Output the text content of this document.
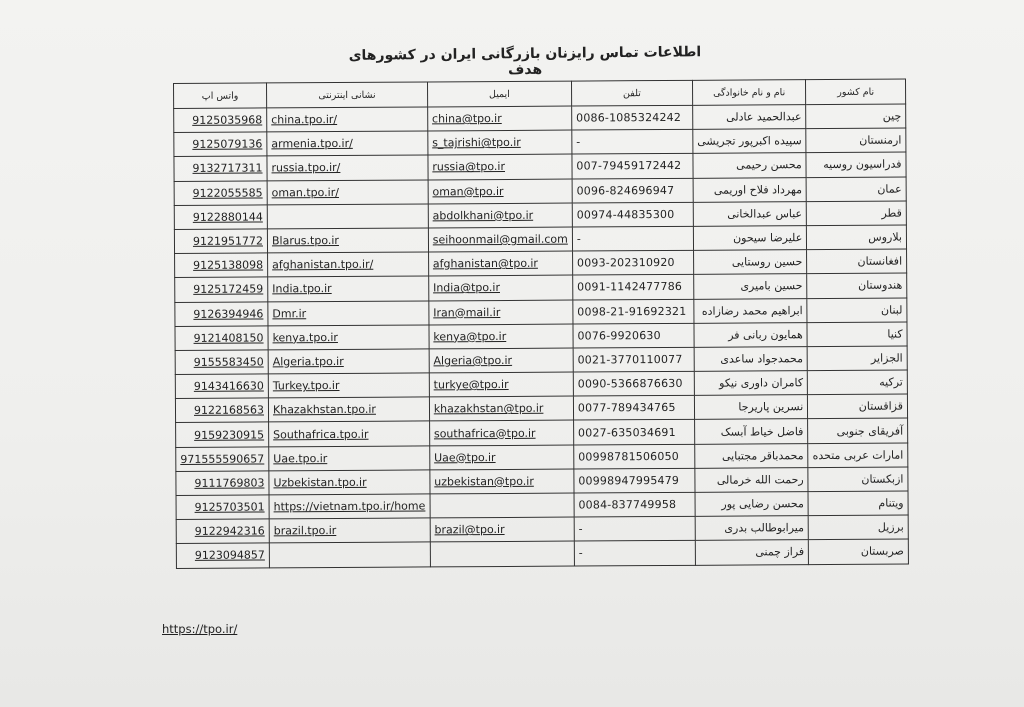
اطلاعات تماس رایزنان بازرگانی ایران در کشورهای هدف
واتس اپ	نشانی اینترنتی	ایمیل	تلفن	نام و نام خانوادگی	نام کشور
9125035968	china.tpo.ir/	china@tpo.ir	0086-1085324242	عبدالحمید عادلی	چین
9125079136	armenia.tpo.ir/	s_tajrishi@tpo.ir	-	سپیده اکبرپور تجریشی	ارمنستان
9132717311	russia.tpo.ir/	russia@tpo.ir	007-79459172442	محسن رحیمی	فدراسیون روسیه
9122055585	oman.tpo.ir/	oman@tpo.ir	0096-824696947	مهرداد فلاح اوریمی	عمان
9122880144		abdolkhani@tpo.ir	00974-44835300	عباس عبدالخانی	قطر
9121951772	Blarus.tpo.ir	seihoonmail@gmail.com	-	علیرضا سیحون	بلاروس
9125138098	afghanistan.tpo.ir/	afghanistan@tpo.ir	0093-202310920	حسین روستایی	افغانستان
9125172459	India.tpo.ir	India@tpo.ir	0091-1142477786	حسین بامیری	هندوستان
9126394946	Dmr.ir	Iran@mail.ir	0098-21-91692321	ابراهیم محمد رضازاده	لبنان
9121408150	kenya.tpo.ir	kenya@tpo.ir	0076-9920630	همایون ربانی فر	کنیا
9155583450	Algeria.tpo.ir	Algeria@tpo.ir	0021-3770110077	محمدجواد ساعدی	الجزایر
9143416630	Turkey.tpo.ir	turkye@tpo.ir	0090-5366876630	کامران داوری نیکو	ترکیه
9122168563	Khazakhstan.tpo.ir	khazakhstan@tpo.ir	0077-789434765	نسرین پاریرجا	قزاقستان
9159230915	Southafrica.tpo.ir	southafrica@tpo.ir	0027-635034691	فاضل خیاط آبسک	آفریقای جنوبی
971555590657	Uae.tpo.ir	Uae@tpo.ir	00998781506050	محمدباقر مجتبایی	امارات عربی متحده
9111769803	Uzbekistan.tpo.ir	uzbekistan@tpo.ir	00998947995479	رحمت الله خرمالی	ازبکستان
9125703501	https://vietnam.tpo.ir/home		0084-837749958	محسن رضایی پور	ویتنام
9122942316	brazil.tpo.ir	brazil@tpo.ir	-	میرابوطالب بدری	برزیل
9123094857			-	فراز چمنی	صربستان
https://tpo.ir/
